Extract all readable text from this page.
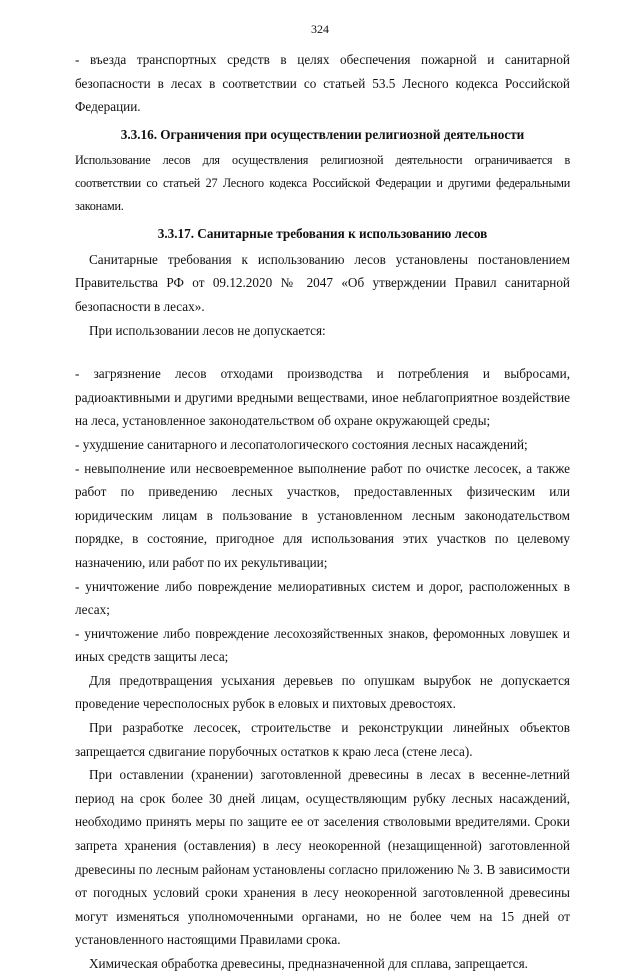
324

- въезда транспортных средств в целях обеспечения пожарной и санитарной безопасности в лесах в соответствии со статьей 53.5 Лесного кодекса Российской Федерации.

3.3.16. Ограничения при осуществлении религиозной деятельности

Использование лесов для осуществления религиозной деятельности ограничивается в соответствии со статьей 27 Лесного кодекса Российской Федерации и другими федеральными законами.

3.3.17. Санитарные требования к использованию лесов

Санитарные требования к использованию лесов установлены постановлением Правительства РФ от 09.12.2020 № 2047 «Об утверждении Правил санитарной безопасности в лесах».

При использовании лесов не допускается:

- загрязнение лесов отходами производства и потребления и выбросами, радиоактивными и другими вредными веществами, иное неблагоприятное воздействие на леса, установленное законодательством об охране окружающей среды;

- ухудшение санитарного и лесопатологического состояния лесных насаждений;

- невыполнение или несвоевременное выполнение работ по очистке лесосек, а также работ по приведению лесных участков, предоставленных физическим или юридическим лицам в пользование в установленном лесным законодательством порядке, в состояние, пригодное для использования этих участков по целевому назначению, или работ по их рекультивации;

- уничтожение либо повреждение мелиоративных систем и дорог, расположенных в лесах;

- уничтожение либо повреждение лесохозяйственных знаков, феромонных ловушек и иных средств защиты леса;

Для предотвращения усыхания деревьев по опушкам вырубок не допускается проведение чересполосных рубок в еловых и пихтовых древостоях.

При разработке лесосек, строительстве и реконструкции линейных объектов запрещается сдвигание порубочных остатков к краю леса (стене леса).

При оставлении (хранении) заготовленной древесины в лесах в весенне-летний период на срок более 30 дней лицам, осуществляющим рубку лесных насаждений, необходимо принять меры по защите ее от заселения стволовыми вредителями. Сроки запрета хранения (оставления) в лесу неокоренной (незащищенной) заготовленной древесины по лесным районам установлены согласно приложению № 3. В зависимости от погодных условий сроки хранения в лесу неокоренной заготовленной древесины могут изменяться уполномоченными органами, но не более чем на 15 дней от установленного настоящими Правилами срока.

Химическая обработка древесины, предназначенной для сплава, запрещается.
